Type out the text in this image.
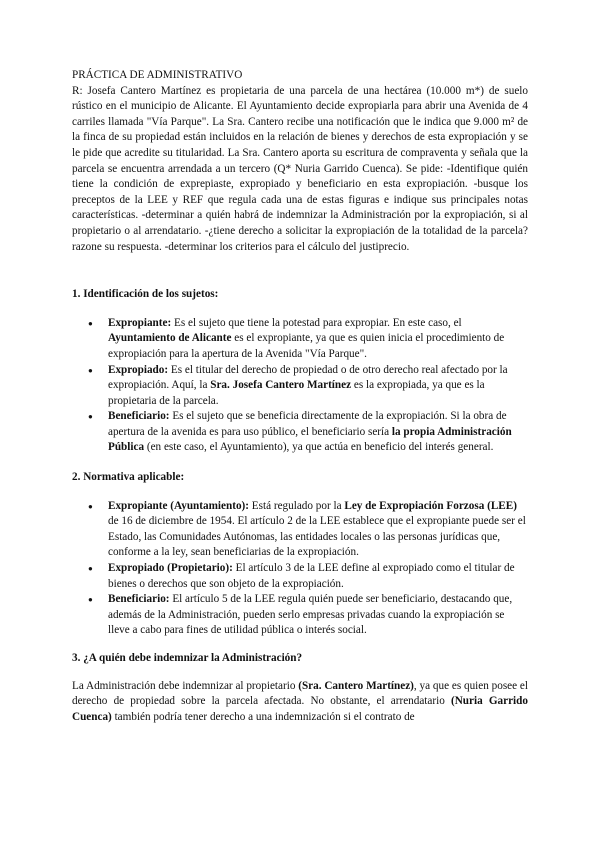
PRÁCTICA DE ADMINISTRATIVO

R: Josefa Cantero Martínez es propietaria de una parcela de una hectárea (10.000 m*) de suelo rústico en el municipio de Alicante. El Ayuntamiento decide expropiarla para abrir una Avenida de 4 carriles llamada "Vía Parque". La Sra. Cantero recibe una notificación que le indica que 9.000 m² de la finca de su propiedad están incluidos en la relación de bienes y derechos de esta expropiación y se le pide que acredite su titularidad. La Sra. Cantero aporta su escritura de compraventa y señala que la parcela se encuentra arrendada a un tercero (Q* Nuria Garrido Cuenca). Se pide: -Identifique quién tiene la condición de exprepiaste, expropiado y beneficiario en esta expropiación. -busque los preceptos de la LEE y REF que regula cada una de estas figuras e indique sus principales notas características. -determinar a quién habrá de indemnizar la Administración por la expropiación, si al propietario o al arrendatario. -¿tiene derecho a solicitar la expropiación de la totalidad de la parcela? razone su respuesta. -determinar los criterios para el cálculo del justiprecio.

1. Identificación de los sujetos:
● Expropiante: Es el sujeto que tiene la potestad para expropiar. En este caso, el Ayuntamiento de Alicante es el expropiante, ya que es quien inicia el procedimiento de expropiación para la apertura de la Avenida "Vía Parque".
● Expropiado: Es el titular del derecho de propiedad o de otro derecho real afectado por la expropiación. Aquí, la Sra. Josefa Cantero Martínez es la expropiada, ya que es la propietaria de la parcela.
● Beneficiario: Es el sujeto que se beneficia directamente de la expropiación. Si la obra de apertura de la avenida es para uso público, el beneficiario sería la propia Administración Pública (en este caso, el Ayuntamiento), ya que actúa en beneficio del interés general.
2. Normativa aplicable:
● Expropiante (Ayuntamiento): Está regulado por la Ley de Expropiación Forzosa (LEE) de 16 de diciembre de 1954. El artículo 2 de la LEE establece que el expropiante puede ser el Estado, las Comunidades Autónomas, las entidades locales o las personas jurídicas que, conforme a la ley, sean beneficiarias de la expropiación.
● Expropiado (Propietario): El artículo 3 de la LEE define al expropiado como el titular de bienes o derechos que son objeto de la expropiación.
● Beneficiario: El artículo 5 de la LEE regula quién puede ser beneficiario, destacando que, además de la Administración, pueden serlo empresas privadas cuando la expropiación se lleve a cabo para fines de utilidad pública o interés social.
3. ¿A quién debe indemnizar la Administración?

La Administración debe indemnizar al propietario (Sra. Cantero Martínez), ya que es quien posee el derecho de propiedad sobre la parcela afectada. No obstante, el arrendatario (Nuria Garrido Cuenca) también podría tener derecho a una indemnización si el contrato de
